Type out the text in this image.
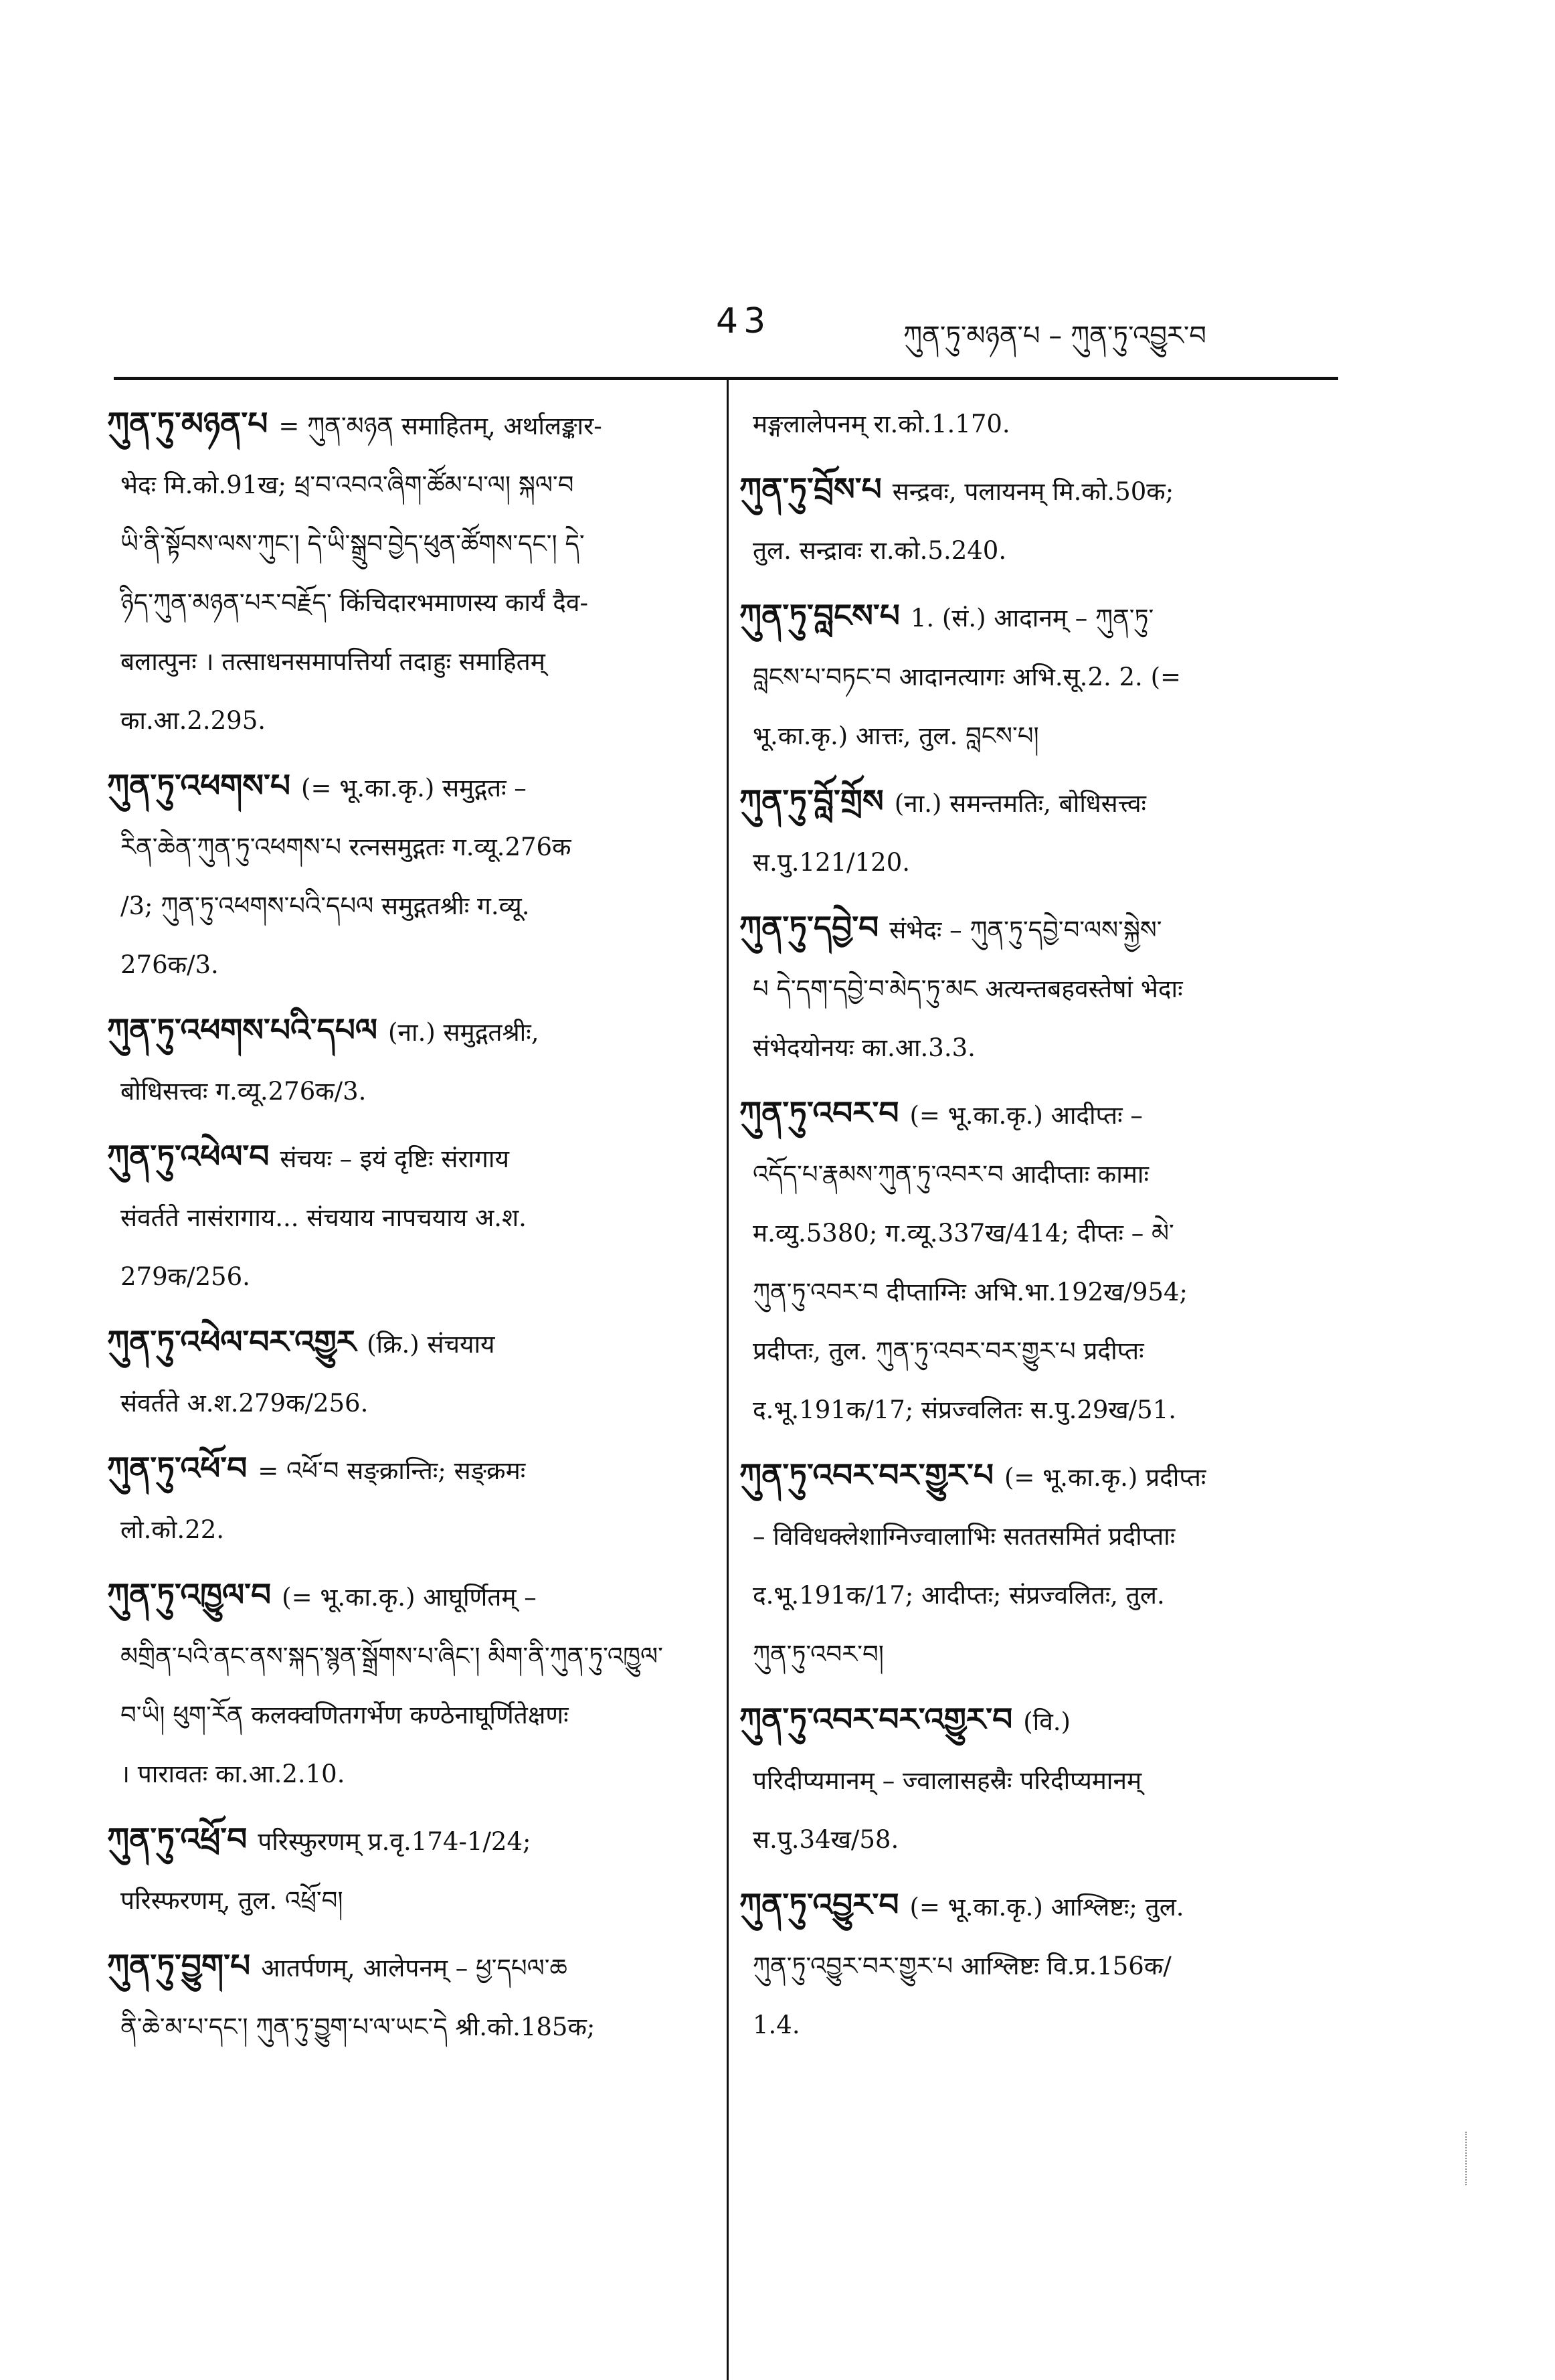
43	ཀུན་ཏུ་མཉན་པ – ཀུན་ཏུ་འབྱུར་བ

ཀུན་ཏུ་མཉན་པ = ཀུན་མཉན समाहितम्, अर्थालङ्कार-

भेदः मि.को.91ख; ཕྲ་བ་འབའ་ཞིག་ཚོམ་པ་ལ། སྐལ་བ

ཡི་ནི་སྟོབས་ལས་ཀུང་། དེ་ཡི་སྒྲུབ་བྱེད་ཕུན་ཚོགས་དང་། དེ་

ཉིད་ཀུན་མཉན་པར་བརྗོད་ किंचिदारभमाणस्य कार्यं दैव-

बलात्पुनः । तत्साधनसमापत्तिर्या तदाहुः समाहितम्

का.आ.2.295.

ཀུན་ཏུ་འཕགས་པ (= भू.का.कृ.) समुद्गतः –

རིན་ཆེན་ཀུན་ཏུ་འཕགས་པ रत्नसमुद्गतः ग.व्यू.276क

/3; ཀུན་ཏུ་འཕགས་པའི་དཔལ समुद्गतश्रीः ग.व्यू.

276क/3.

ཀུན་ཏུ་འཕགས་པའི་དཔལ (ना.) समुद्गतश्रीः,

बोधिसत्त्वः ग.व्यू.276क/3.

ཀུན་ཏུ་འཕེལ་བ संचयः – इयं दृष्टिः संरागाय

संवर्तते नासंरागाय... संचयाय नापचयाय अ.श.

279क/256.

ཀུན་ཏུ་འཕེལ་བར་འགྱུར (क्रि.) संचयाय

संवर्तते अ.श.279क/256.

ཀུན་ཏུ་འཕོ་བ = འཕོ་བ सङ्क्रान्तिः; सङ्क्रमः

लो.को.22.

ཀུན་ཏུ་འཁྱུལ་བ (= भू.का.कृ.) आघूर्णितम् –

མགྲིན་པའི་ནང་ནས་སྐད་སྙན་སྒྲོགས་པ་ཞིང་། མིག་ནི་ཀུན་ཏུ་འཁྱུལ་

བ་ཡི། ཕུག་རོན कलक्वणितगर्भेण कण्ठेनाघूर्णितेक्षणः

। पारावतः का.आ.2.10.

ཀུན་ཏུ་འཕྲོ་བ परिस्फुरणम् प्र.वृ.174-1/24;

परिस्फरणम्, तुल. འཕྲོ་བ།

ཀུན་ཏུ་བྱུག་པ आतर्पणम्, आलेपनम् – ཕྱ་དཔལ་ཆ

ནི་ཆེ་མ་པ་དང་། ཀུན་ཏུ་བྱུག་པ་ལ་ཡང་དེ श्री.को.185क;

मङ्गलालेपनम् रा.को.1.170.

ཀུན་ཏུ་བྲོས་པ सन्द्रवः, पलायनम् मि.को.50क;

तुल. सन्द्रावः रा.को.5.240.

ཀུན་ཏུ་བླངས་པ 1. (सं.) आदानम् – ཀུན་ཏུ་

བླངས་པ་བཏང་བ आदानत्यागः अभि.सू.2. 2. (=

भू.का.कृ.) आत्तः, तुल. བླངས་པ།

ཀུན་ཏུ་བློ་གྲོས (ना.) समन्तमतिः, बोधिसत्त्वः

स.पु.121/120.

ཀུན་ཏུ་དབྱེ་བ संभेदः – ཀུན་ཏུ་དབྱེ་བ་ལས་སྐྱེས་

པ དེ་དག་དབྱེ་བ་མེད་ཏུ་མང अत्यन्तबहवस्तेषां भेदाः

संभेदयोनयः का.आ.3.3.

ཀུན་ཏུ་འབར་བ (= भू.का.कृ.) आदीप्तः –

འདོད་པ་རྣམས་ཀུན་ཏུ་འབར་བ आदीप्ताः कामाः

म.व्यु.5380; ग.व्यू.337ख/414; दीप्तः – མེ་

ཀུན་ཏུ་འབར་བ दीप्ताग्निः अभि.भा.192ख/954;

प्रदीप्तः, तुल. ཀུན་ཏུ་འབར་བར་གྱུར་པ प्रदीप्तः

द.भू.191क/17; संप्रज्वलितः स.पु.29ख/51.

ཀུན་ཏུ་འབར་བར་གྱུར་པ (= भू.का.कृ.) प्रदीप्तः

– विविधक्लेशाग्निज्वालाभिः सततसमितं प्रदीप्ताः

द.भू.191क/17; आदीप्तः; संप्रज्वलितः, तुल.

ཀུན་ཏུ་འབར་བ།

ཀུན་ཏུ་འབར་བར་འགྱུར་བ (वि.)

परिदीप्यमानम् – ज्वालासहस्रैः परिदीप्यमानम्

स.पु.34ख/58.

ཀུན་ཏུ་འབྱུར་བ (= भू.का.कृ.) आश्लिष्टः; तुल.

ཀུན་ཏུ་འབྱུར་བར་གྱུར་པ आश्लिष्टः वि.प्र.156क/

1.4.
